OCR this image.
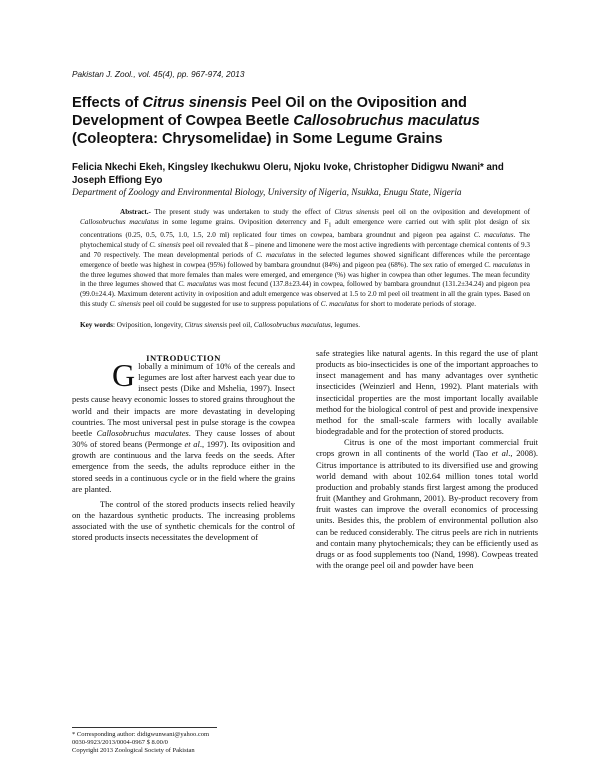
Pakistan J. Zool., vol. 45(4), pp. 967-974, 2013
Effects of Citrus sinensis Peel Oil on the Oviposition and Development of Cowpea Beetle Callosobruchus maculatus (Coleoptera: Chrysomelidae) in Some Legume Grains
Felicia Nkechi Ekeh, Kingsley Ikechukwu Oleru, Njoku Ivoke, Christopher Didigwu Nwani* and Joseph Effiong Eyo
Department of Zoology and Environmental Biology, University of Nigeria, Nsukka, Enugu State, Nigeria
Abstract.- The present study was undertaken to study the effect of Citrus sinensis peel oil on the oviposition and development of Callosobruchus maculatus in some legume grains. Oviposition deterrency and $F_1$ adult emergence were carried out with split plot design of six concentrations (0.25, 0.5, 0.75, 1.0, 1.5, 2.0 ml) replicated four times on cowpea, bambara groundnut and pigeon pea against C. maculatus. The phytochemical study of C. sinensis peel oil revealed that ß – pinene and limonene were the most active ingredients with percentage chemical contents of 9.3 and 70 respectively. The mean developmental periods of C. maculatus in the selected legumes showed significant differences while the percentage emergence of beetle was highest in cowpea (95%) followed by bambara groundnut (84%) and pigeon pea (68%). The sex ratio of emerged C. maculatus in the three legumes showed that more females than males were emerged, and emergence (%) was higher in cowpea than other legumes. The mean fecundity in the three legumes showed that C. maculatus was most fecund (137.8±23.44) in cowpea, followed by bambara groundnut (131.2±34.24) and pigeon pea (99.0±24.4). Maximum deterent activity in oviposition and adult emergence was observed at 1.5 to 2.0 ml peel oil treatment in all the grain types. Based on this study C. sinensis peel oil could be suggested for use to suppress populations of C. maculatus for short to moderate periods of storage.
Key words: Oviposition, longevity, Citrus sinensis peel oil, Callosobruchus maculatus, legumes.
INTRODUCTION

Globally a minimum of 10% of the cereals and legumes are lost after harvest each year due to insect pests (Dike and Mshelia, 1997). Insect pests cause heavy economic losses to stored grains throughout the world and their impacts are more devastating in developing countries. The most universal pest in pulse storage is the cowpea beetle Callosobruchus maculates. They cause losses of about 30% of stored beans (Permonge et al., 1997). Its oviposition and growth are continuous and the larva feeds on the seeds. After emergence from the seeds, the adults reproduce either in the stored seeds in a continuous cycle or in the field where the grains are planted.

The control of the stored products insects relied heavily on the hazardous synthetic products. The increasing problems associated with the use of synthetic chemicals for the control of stored products insects necessitates the development of

safe strategies like natural agents. In this regard the use of plant products as bio-insecticides is one of the important approaches to insect management and has many advantages over synthetic insecticides (Weinzierl and Henn, 1992). Plant materials with insecticidal properties are the most important locally available method for the biological control of pest and provide inexpensive method for the small-scale farmers with locally available biodegradable and for the protection of stored products.

Citrus is one of the most important commercial fruit crops grown in all continents of the world (Tao et al., 2008). Citrus importance is attributed to its diversified use and growing world demand with about 102.64 million tones total world production and probably stands first largest among the produced fruit (Manthey and Grohmann, 2001). By-product recovery from fruit wastes can improve the overall economics of processing units. Besides this, the problem of environmental pollution also can be reduced considerably. The citrus peels are rich in nutrients and contain many phytochemicals; they can be efficiently used as drugs or as food supplements too (Nand, 1998). Cowpeas treated with the orange peel oil and powder have been

* Corresponding author: didigwunwani@yahoo.com
0030-9923/2013/0004-0967 $ 8.00/0
Copyright 2013 Zoological Society of Pakistan
